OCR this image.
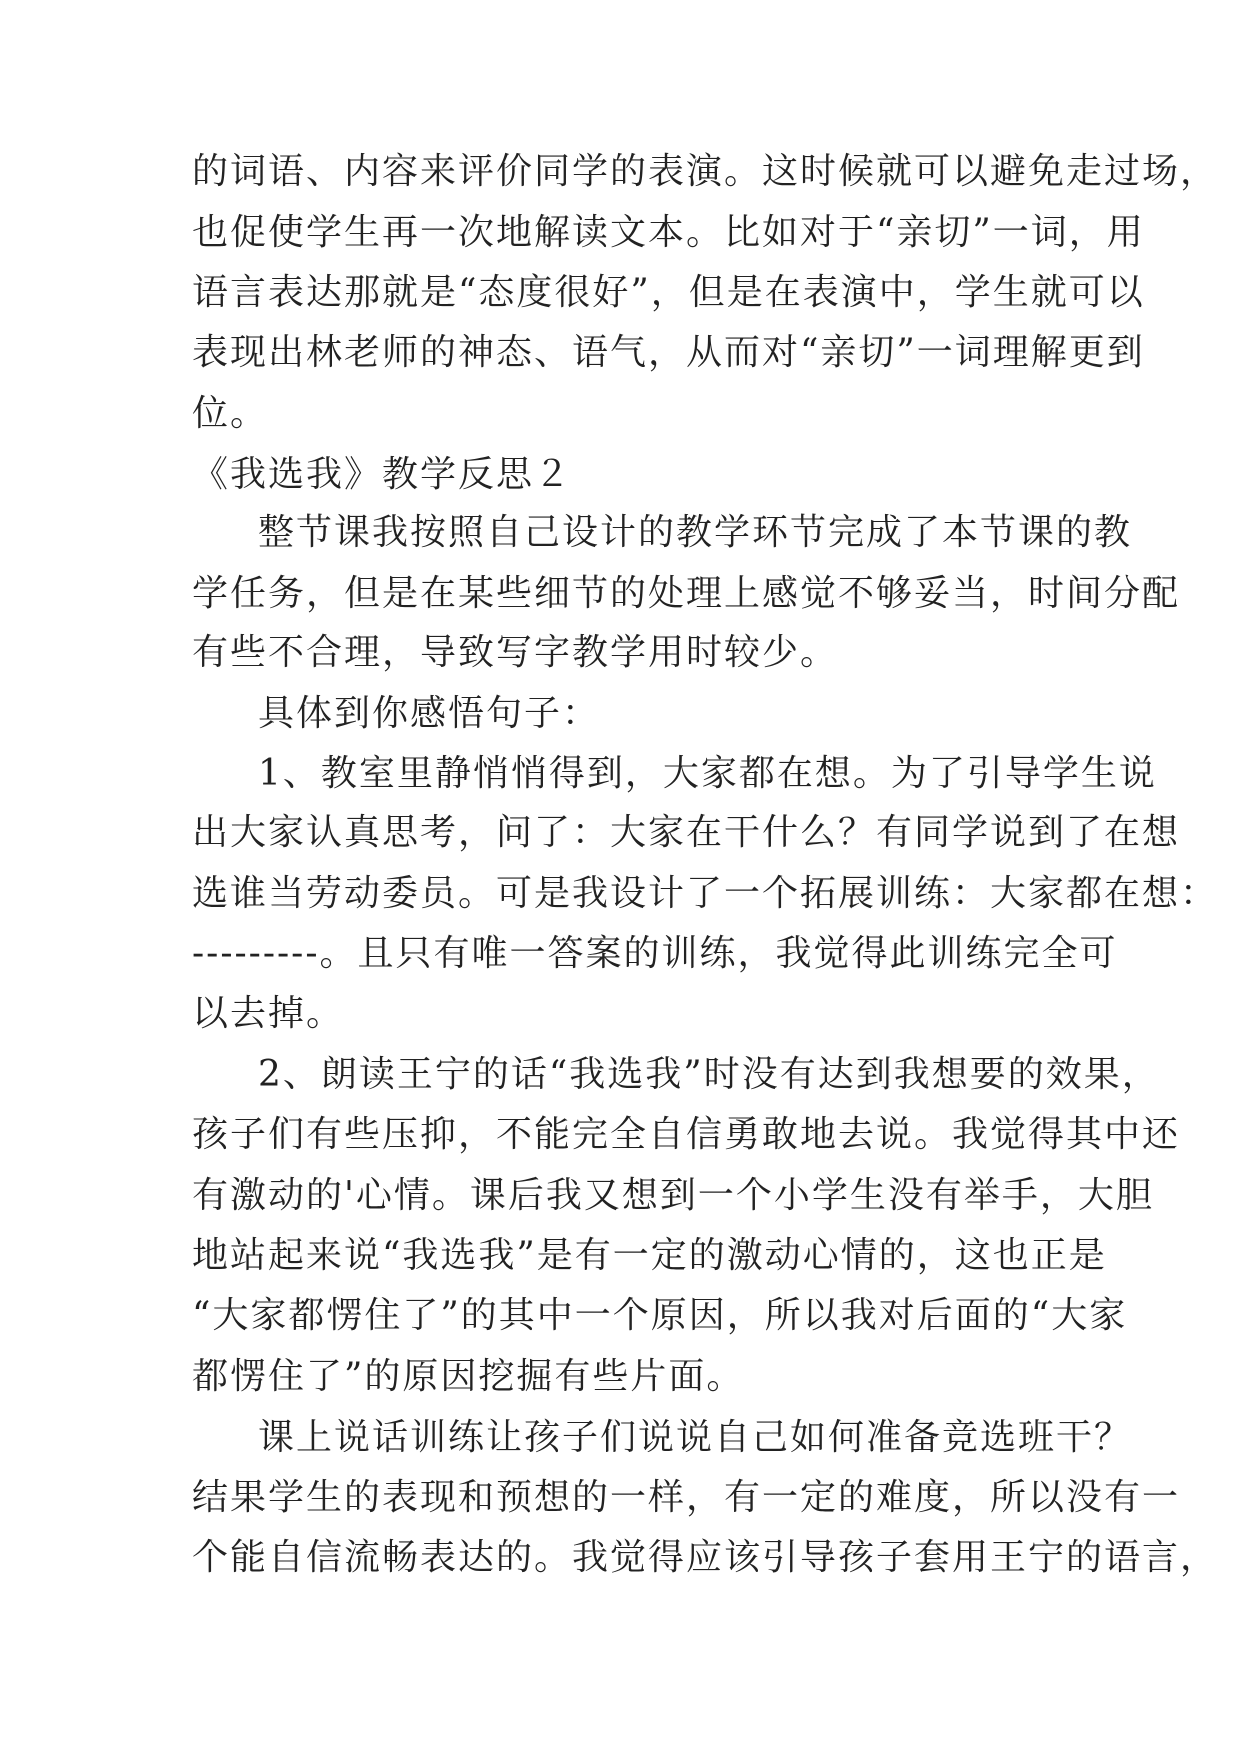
的词语、内容来评价同学的表演。这时候就可以避免走过场，
也促使学生再一次地解读文本。比如对于“亲切”一词，用
语言表达那就是“态度很好”，但是在表演中，学生就可以
表现出林老师的神态、语气，从而对“亲切”一词理解更到
位。
《我选我》教学反思２
整节课我按照自己设计的教学环节完成了本节课的教
学任务，但是在某些细节的处理上感觉不够妥当，时间分配
有些不合理，导致写字教学用时较少。
具体到你感悟句子：
1、教室里静悄悄得到，大家都在想。为了引导学生说
出大家认真思考，问了：大家在干什么？有同学说到了在想
选谁当劳动委员。可是我设计了一个拓展训练：大家都在想：
---------。且只有唯一答案的训练，我觉得此训练完全可
以去掉。
2、朗读王宁的话“我选我”时没有达到我想要的效果，
孩子们有些压抑，不能完全自信勇敢地去说。我觉得其中还
有激动的'心情。课后我又想到一个小学生没有举手，大胆
地站起来说“我选我”是有一定的激动心情的，这也正是
“大家都愣住了”的其中一个原因，所以我对后面的“大家
都愣住了”的原因挖掘有些片面。
课上说话训练让孩子们说说自己如何准备竞选班干？
结果学生的表现和预想的一样，有一定的难度，所以没有一
个能自信流畅表达的。我觉得应该引导孩子套用王宁的语言，
